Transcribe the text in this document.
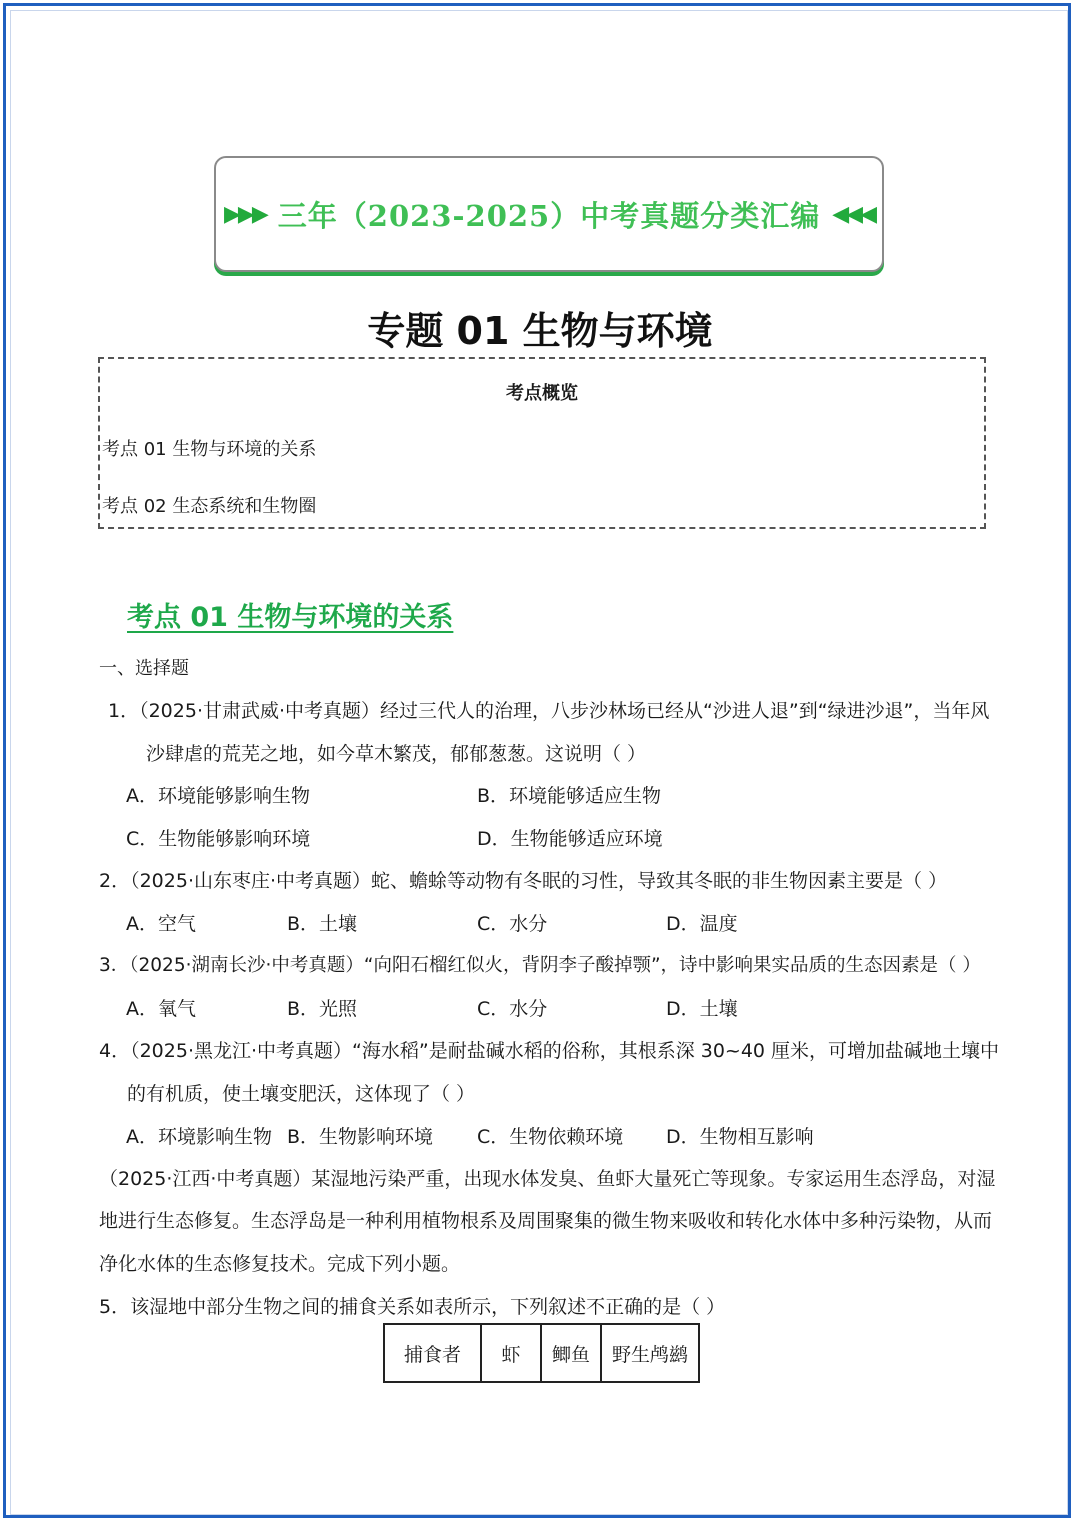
▶▶▶ 三年（2023-2025）中考真题分类汇编 ◀◀◀
专题 01 生物与环境
考点概览
考点 01 生物与环境的关系
考点 02 生态系统和生物圈
考点 01 生物与环境的关系
一、选择题
1．（2025·甘肃武威·中考真题）经过三代人的治理，八步沙林场已经从“沙进人退”到“绿进沙退”，当年风
沙肆虐的荒芜之地，如今草木繁茂，郁郁葱葱。这说明（ ）
A．环境能够影响生物	B．环境能够适应生物
C．生物能够影响环境	D．生物能够适应环境
2．（2025·山东枣庄·中考真题）蛇、蟾蜍等动物有冬眠的习性，导致其冬眠的非生物因素主要是（ ）
A．空气	B．土壤	C．水分	D．温度
3．（2025·湖南长沙·中考真题）“向阳石榴红似火，背阴李子酸掉颚”，诗中影响果实品质的生态因素是（ ）
A．氧气	B．光照	C．水分	D．土壤
4．（2025·黑龙江·中考真题）“海水稻”是耐盐碱水稻的俗称，其根系深 30~40 厘米，可增加盐碱地土壤中
的有机质，使土壤变肥沃，这体现了（ ）
A．环境影响生物 B．生物影响环境 C．生物依赖环境 D．生物相互影响
（2025·江西·中考真题）某湿地污染严重，出现水体发臭、鱼虾大量死亡等现象。专家运用生态浮岛，对湿
地进行生态修复。生态浮岛是一种利用植物根系及周围聚集的微生物来吸收和转化水体中多种污染物，从而
净化水体的生态修复技术。完成下列小题。
5．该湿地中部分生物之间的捕食关系如表所示，下列叙述不正确的是（ ）
捕食者	虾	鲫鱼	野生鸬鹚
